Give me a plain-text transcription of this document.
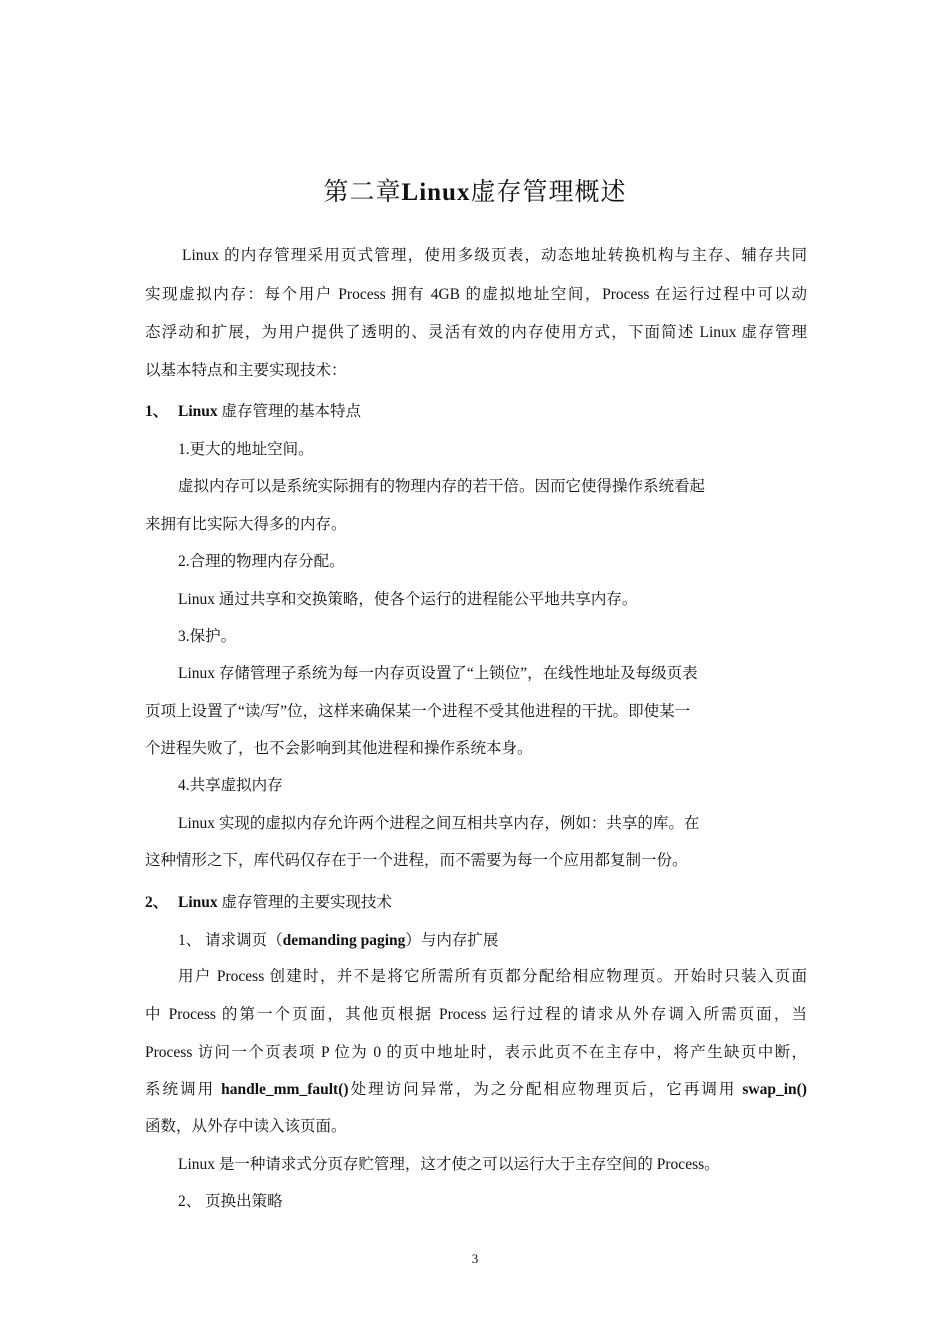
第二章Linux虚存管理概述
Linux 的内存管理采用页式管理，使用多级页表，动态地址转换机构与主存、辅存共同
实现虚拟内存：每个用户 Process 拥有 4GB 的虚拟地址空间，Process 在运行过程中可以动
态浮动和扩展，为用户提供了透明的、灵活有效的内存使用方式，下面简述 Linux 虚存管理
以基本特点和主要实现技术：
1、 Linux 虚存管理的基本特点
1.更大的地址空间。
虚拟内存可以是系统实际拥有的物理内存的若干倍。因而它使得操作系统看起
来拥有比实际大得多的内存。
2.合理的物理内存分配。
Linux 通过共享和交换策略，使各个运行的进程能公平地共享内存。
3.保护。
Linux 存储管理子系统为每一内存页设置了“上锁位”，在线性地址及每级页表
页项上设置了“读/写”位，这样来确保某一个进程不受其他进程的干扰。即使某一
个进程失败了，也不会影响到其他进程和操作系统本身。
4.共享虚拟内存
Linux 实现的虚拟内存允许两个进程之间互相共享内存，例如：共享的库。在
这种情形之下，库代码仅存在于一个进程，而不需要为每一个应用都复制一份。
2、 Linux 虚存管理的主要实现技术
1、 请求调页（demanding paging）与内存扩展
用户 Process 创建时，并不是将它所需所有页都分配给相应物理页。开始时只装入页面
中 Process 的第一个页面，其他页根据 Process 运行过程的请求从外存调入所需页面，当
Process 访问一个页表项 P 位为 0 的页中地址时，表示此页不在主存中，将产生缺页中断，
系统调用 handle_mm_fault()处理访问异常，为之分配相应物理页后，它再调用 swap_in()
函数，从外存中读入该页面。
Linux 是一种请求式分页存贮管理，这才使之可以运行大于主存空间的 Process。
2、 页换出策略
3
